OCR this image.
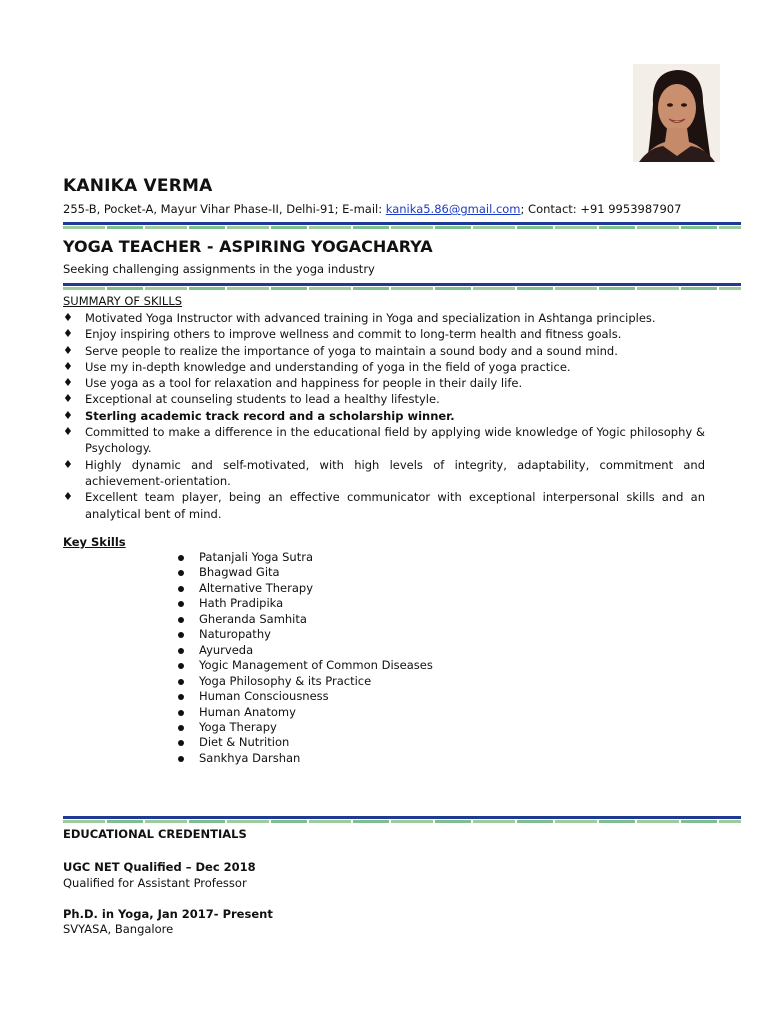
KANIKA VERMA
255-B, Pocket-A, Mayur Vihar Phase-II, Delhi-91; E-mail: kanika5.86@gmail.com; Contact: +91 9953987907
YOGA TEACHER - ASPIRING YOGACHARYA
Seeking challenging assignments in the yoga industry
SUMMARY OF SKILLS
♦ Motivated Yoga Instructor with advanced training in Yoga and specialization in Ashtanga principles.
♦ Enjoy inspiring others to improve wellness and commit to long-term health and fitness goals.
♦ Serve people to realize the importance of yoga to maintain a sound body and a sound mind.
♦ Use my in-depth knowledge and understanding of yoga in the field of yoga practice.
♦ Use yoga as a tool for relaxation and happiness for people in their daily life.
♦ Exceptional at counseling students to lead a healthy lifestyle.
♦ Sterling academic track record and a scholarship winner.
♦ Committed to make a difference in the educational field by applying wide knowledge of Yogic philosophy & Psychology.
♦ Highly dynamic and self-motivated, with high levels of integrity, adaptability, commitment and achievement-orientation.
♦ Excellent team player, being an effective communicator with exceptional interpersonal skills and an analytical bent of mind.
Key Skills
Patanjali Yoga Sutra
Bhagwad Gita
Alternative Therapy
Hath Pradipika
Gheranda Samhita
Naturopathy
Ayurveda
Yogic Management of Common Diseases
Yoga Philosophy & its Practice
Human Consciousness
Human Anatomy
Yoga Therapy
Diet & Nutrition
Sankhya Darshan
EDUCATIONAL CREDENTIALS
UGC NET Qualified – Dec 2018
Qualified for Assistant Professor
Ph.D. in Yoga, Jan 2017- Present
SVYASA, Bangalore
